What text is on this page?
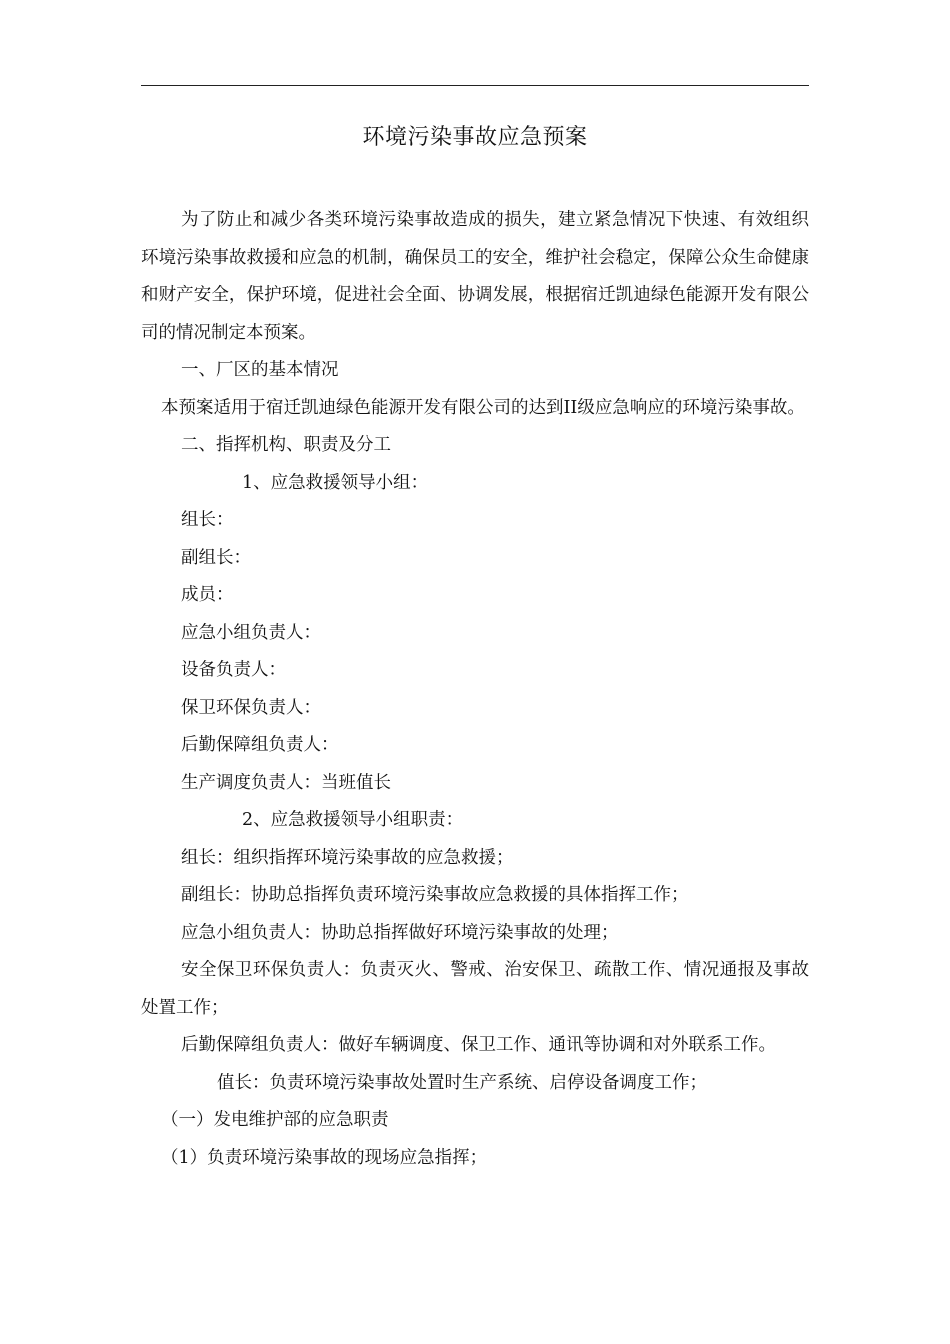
环境污染事故应急预案

为了防止和减少各类环境污染事故造成的损失，建立紧急情况下快速、有效组织环境污染事故救援和应急的机制，确保员工的安全，维护社会稳定，保障公众生命健康和财产安全，保护环境，促进社会全面、协调发展，根据宿迁凯迪绿色能源开发有限公司的情况制定本预案。

一、厂区的基本情况

本预案适用于宿迁凯迪绿色能源开发有限公司的达到II级应急响应的环境污染事故。

二、指挥机构、职责及分工

1、应急救援领导小组：

组长：

副组长：

成员：

应急小组负责人：

设备负责人：

保卫环保负责人：

后勤保障组负责人：

生产调度负责人：当班值长

2、应急救援领导小组职责：

组长：组织指挥环境污染事故的应急救援；

副组长：协助总指挥负责环境污染事故应急救援的具体指挥工作；

应急小组负责人：协助总指挥做好环境污染事故的处理；

安全保卫环保负责人：负责灭火、警戒、治安保卫、疏散工作、情况通报及事故处置工作；

后勤保障组负责人：做好车辆调度、保卫工作、通讯等协调和对外联系工作。

值长：负责环境污染事故处置时生产系统、启停设备调度工作；

（一）发电维护部的应急职责

（1）负责环境污染事故的现场应急指挥；
